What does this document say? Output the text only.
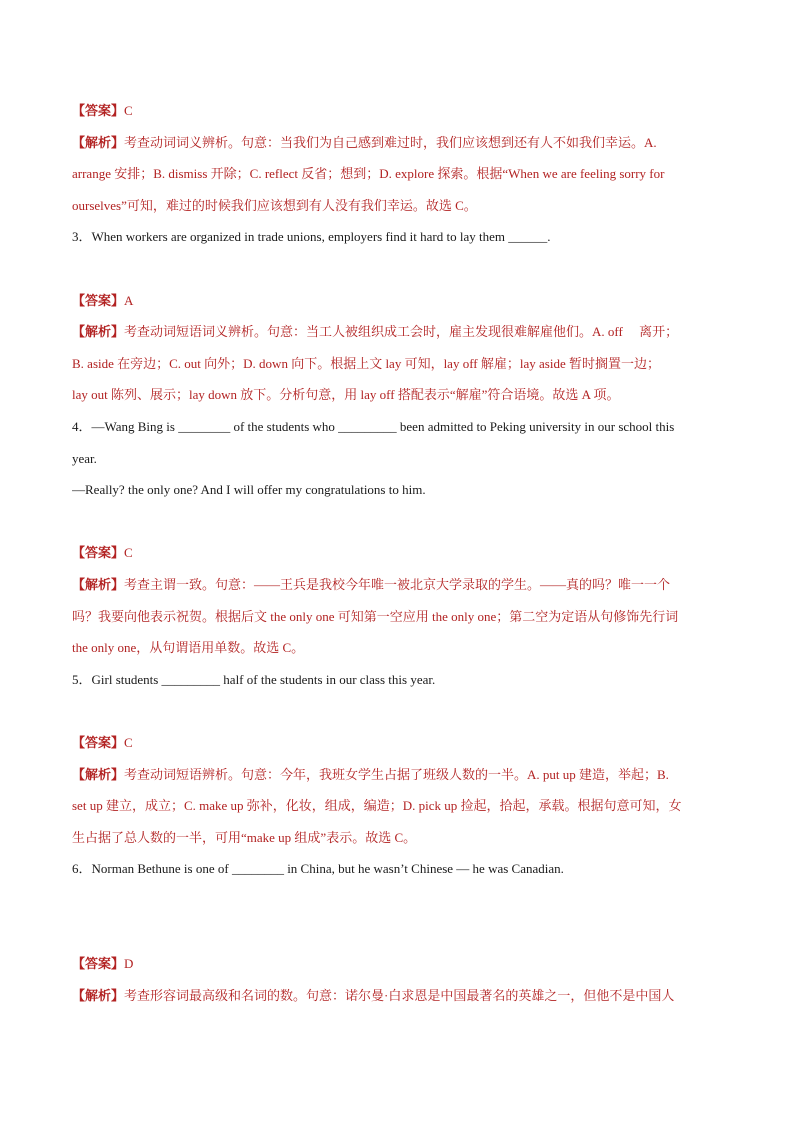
【答案】C
【解析】考查动词词义辨析。句意：当我们为自己感到难过时，我们应该想到还有人不如我们幸运。A.
arrange 安排；B. dismiss 开除；C. reflect 反省；想到；D. explore 探索。根据“When we are feeling sorry for
ourselves”可知，难过的时候我们应该想到有人没有我们幸运。故选 C。
3．When workers are organized in trade unions, employers find it hard to lay them ______.
【答案】A
【解析】考查动词短语词义辨析。句意：当工人被组织成工会时，雇主发现很难解雇他们。A. off　 离开；
B. aside 在旁边；C. out 向外；D. down 向下。根据上文 lay 可知，lay off 解雇；lay aside 暂时搁置一边；
lay out 陈列、展示；lay down 放下。分析句意，用 lay off 搭配表示“解雇”符合语境。故选 A 项。
4．—Wang Bing is ________ of the students who _________ been admitted to Peking university in our school this
year.
—Really? the only one? And I will offer my congratulations to him.
【答案】C
【解析】考查主谓一致。句意：——王兵是我校今年唯一被北京大学录取的学生。——真的吗？唯一一个
吗？我要向他表示祝贺。根据后文 the only one 可知第一空应用 the only one；第二空为定语从句修饰先行词
the only one，从句谓语用单数。故选 C。
5．Girl students _________ half of the students in our class this year.
【答案】C
【解析】考查动词短语辨析。句意：今年，我班女学生占据了班级人数的一半。A. put up 建造，举起；B.
set up 建立，成立；C. make up 弥补，化妆，组成，编造；D. pick up 捡起，拾起，承载。根据句意可知，女
生占据了总人数的一半，可用“make up 组成”表示。故选 C。
6．Norman Bethune is one of ________ in China, but he wasn’t Chinese — he was Canadian.
【答案】D
【解析】考查形容词最高级和名词的数。句意：诺尔曼·白求恩是中国最著名的英雄之一，但他不是中国人
